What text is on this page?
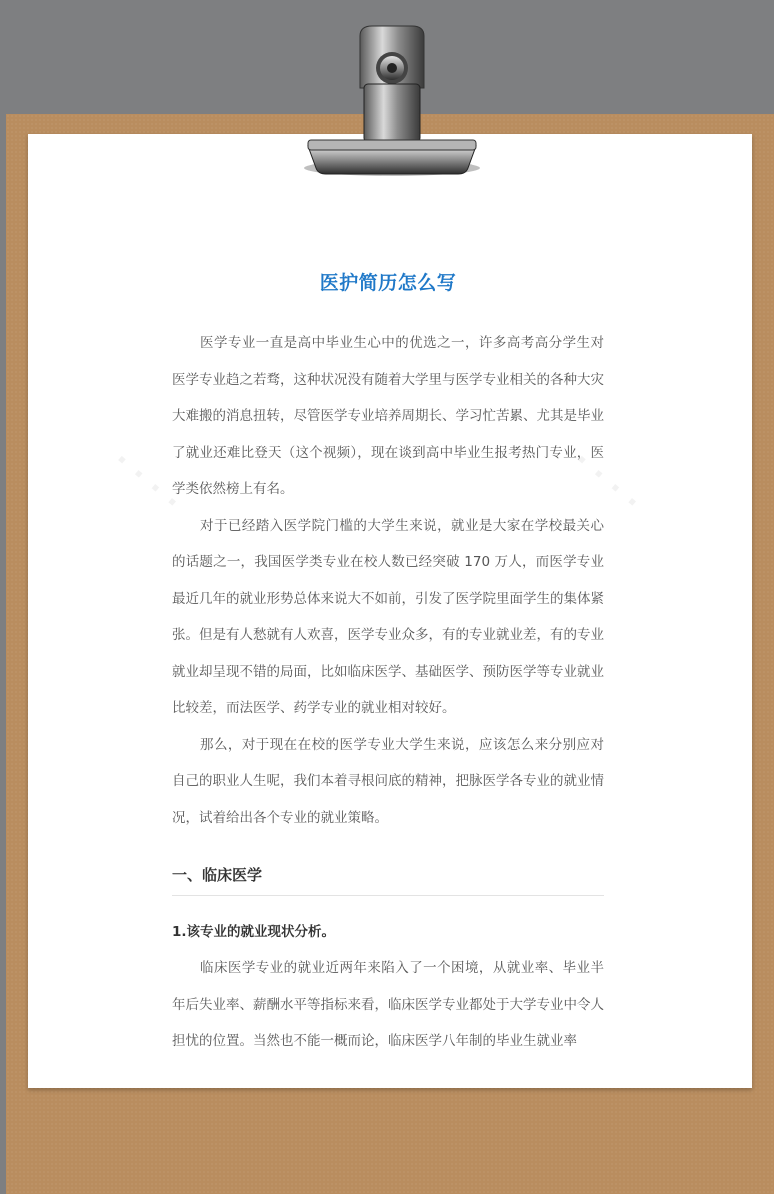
· · · ·	· · · ·
医护简历怎么写

医学专业一直是高中毕业生心中的优选之一，许多高考高分学生对医学专业趋之若骛，这种状况没有随着大学里与医学专业相关的各种大灾大难搬的消息扭转，尽管医学专业培养周期长、学习忙苦累、尤其是毕业了就业还难比登天（这个视频），现在谈到高中毕业生报考热门专业，医学类依然榜上有名。

对于已经踏入医学院门槛的大学生来说，就业是大家在学校最关心的话题之一，我国医学类专业在校人数已经突破 170 万人，而医学专业最近几年的就业形势总体来说大不如前，引发了医学院里面学生的集体紧张。但是有人愁就有人欢喜，医学专业众多，有的专业就业差，有的专业就业却呈现不错的局面，比如临床医学、基础医学、预防医学等专业就业比较差，而法医学、药学专业的就业相对较好。

那么，对于现在在校的医学专业大学生来说，应该怎么来分别应对自己的职业人生呢，我们本着寻根问底的精神，把脉医学各专业的就业情况，试着给出各个专业的就业策略。

一、临床医学
1.该专业的就业现状分析。

临床医学专业的就业近两年来陷入了一个困境，从就业率、毕业半年后失业率、薪酬水平等指标来看，临床医学专业都处于大学专业中令人担忧的位置。当然也不能一概而论，临床医学八年制的毕业生就业率
